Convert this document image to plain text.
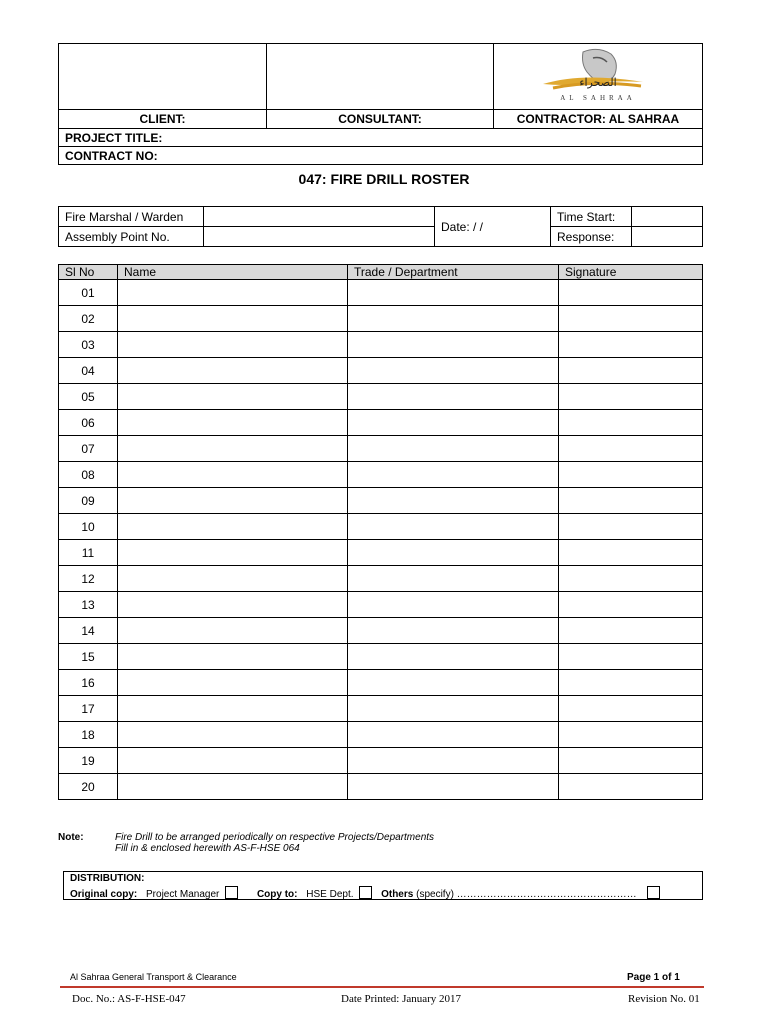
الصحراء
AL SAHRAA

CLIENT:	CONSULTANT:	CONTRACTOR: AL SAHRAA
PROJECT TITLE:		
CONTRACT NO:		
047: FIRE DRILL ROSTER
Fire Marshal / Warden		Date: / /	Time Start:	
Assembly Point No.			Response:	
Sl No	Name	Trade / Department	Signature
01			
02			
03			
04			
05			
06			
07			
08			
09			
10			
11			
12			
13			
14			
15			
16			
17			
18			
19			
20			
Note:	Fire Drill to be arranged periodically on respective Projects/Departments
Fill in & enclosed herewith AS-F-HSE 064
DISTRIBUTION:
Original copy: Project Manager	Copy to: HSE Dept.	Others (specify) ………………………………………………
Al Sahraa General Transport & Clearance	Page 1 of 1
Doc. No.: AS-F-HSE-047	Date Printed: January 2017	Revision No. 01
